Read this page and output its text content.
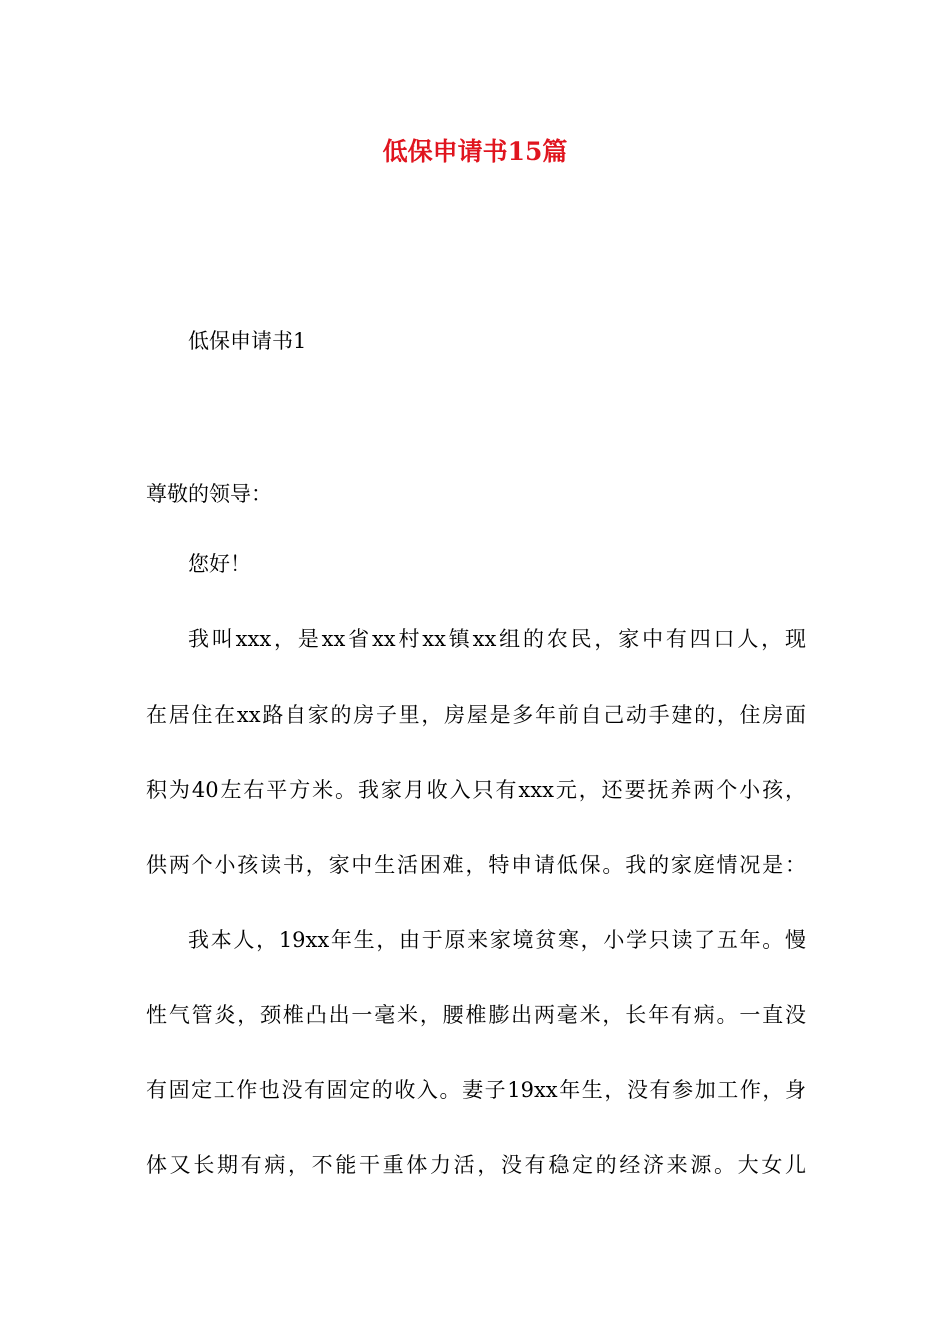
低保申请书15篇
低保申请书1
尊敬的领导：
您好！
我叫xxx，是xx省xx村xx镇xx组的农民，家中有四口人，现
在居住在xx路自家的房子里，房屋是多年前自己动手建的，住房面
积为40左右平方米。我家月收入只有xxx元，还要抚养两个小孩，
供两个小孩读书，家中生活困难，特申请低保。我的家庭情况是：
我本人，19xx年生，由于原来家境贫寒，小学只读了五年。慢
性气管炎，颈椎凸出一毫米，腰椎膨出两毫米，长年有病。一直没
有固定工作也没有固定的收入。妻子19xx年生，没有参加工作，身
体又长期有病，不能干重体力活，没有稳定的经济来源。大女儿
